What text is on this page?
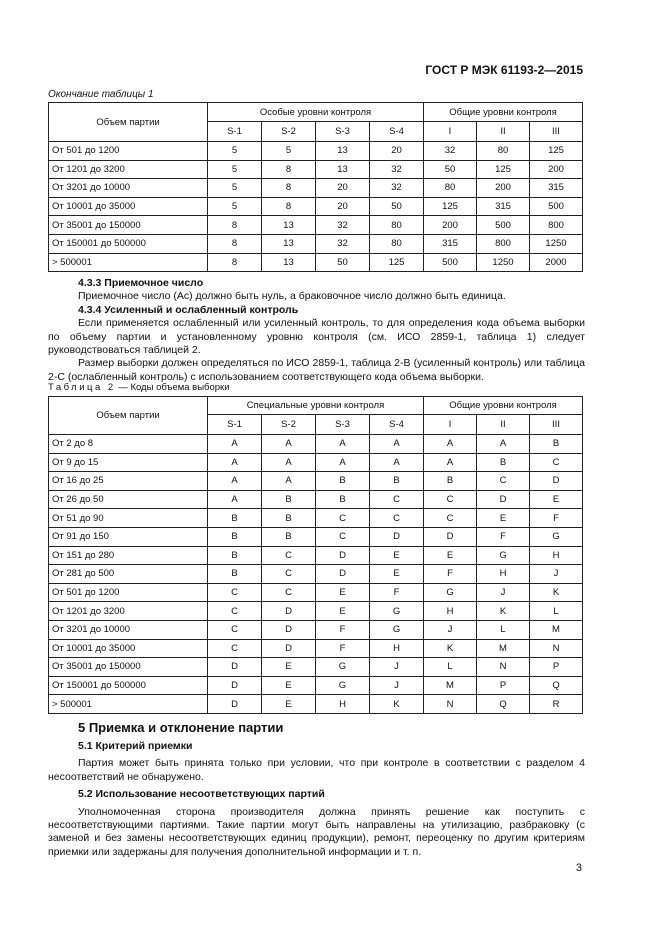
ГОСТ Р МЭК 61193-2—2015
Окончание таблицы 1
Объем партии	Особые уровни контроля				Общие уровни контроля		
	S-1	S-2	S-3	S-4	I	II	III
От 501 до 1200	5	5	13	20	32	80	125
От 1201 до 3200	5	8	13	32	50	125	200
От 3201 до 10000	5	8	20	32	80	200	315
От 10001 до 35000	5	8	20	50	125	315	500
От 35001 до 150000	8	13	32	80	200	500	800
От 150001 до 500000	8	13	32	80	315	800	1250
> 500001	8	13	50	125	500	1250	2000

4.3.3 Приемочное число

Приемочное число (Ас) должно быть нуль, а браковочное число должно быть единица.

4.3.4 Усиленный и ослабленный контроль

Если применяется ослабленный или усиленный контроль, то для определения кода объема выборки по объему партии и установленному уровню контроля (см. ИСО 2859-1, таблица 1) следует руководствоваться таблицей 2.

Размер выборки должен определяться по ИСО 2859-1, таблица 2-В (усиленный контроль) или таблица 2-С (ослабленный контроль) с использованием соответствующего кода объема выборки.

Таблица 2 — Коды объема выборки
Объем партии	Специальные уровни контроля				Общие уровни контроля		
	S-1	S-2	S-3	S-4	I	II	III
От 2 до 8	A	A	A	A	A	A	B
От 9 до 15	A	A	A	A	A	B	C
От 16 до 25	A	A	B	B	B	C	D
От 26 до 50	A	B	B	C	C	D	E
От 51 до 90	B	B	C	C	C	E	F
От 91 до 150	B	B	C	D	D	F	G
От 151 до 280	B	C	D	E	E	G	H
От 281 до 500	B	C	D	E	F	H	J
От 501 до 1200	C	C	E	F	G	J	K
От 1201 до 3200	C	D	E	G	H	K	L
От 3201 до 10000	C	D	F	G	J	L	M
От 10001 до 35000	C	D	F	H	K	M	N
От 35001 до 150000	D	E	G	J	L	N	P
От 150001 до 500000	D	E	G	J	M	P	Q
> 500001	D	E	H	K	N	Q	R
5 Приемка и отклонение партии

5.1 Критерий приемки

Партия может быть принята только при условии, что при контроле в соответствии с разделом 4 несоответствий не обнаружено.

5.2 Использование несоответствующих партий

Уполномоченная сторона производителя должна принять решение как поступить с несоответствующими партиями. Такие партии могут быть направлены на утилизацию, разбраковку (с заменой и без замены несоответствующих единиц продукции), ремонт, переоценку по другим критериям приемки или задержаны для получения дополнительной информации и т. п.

3
